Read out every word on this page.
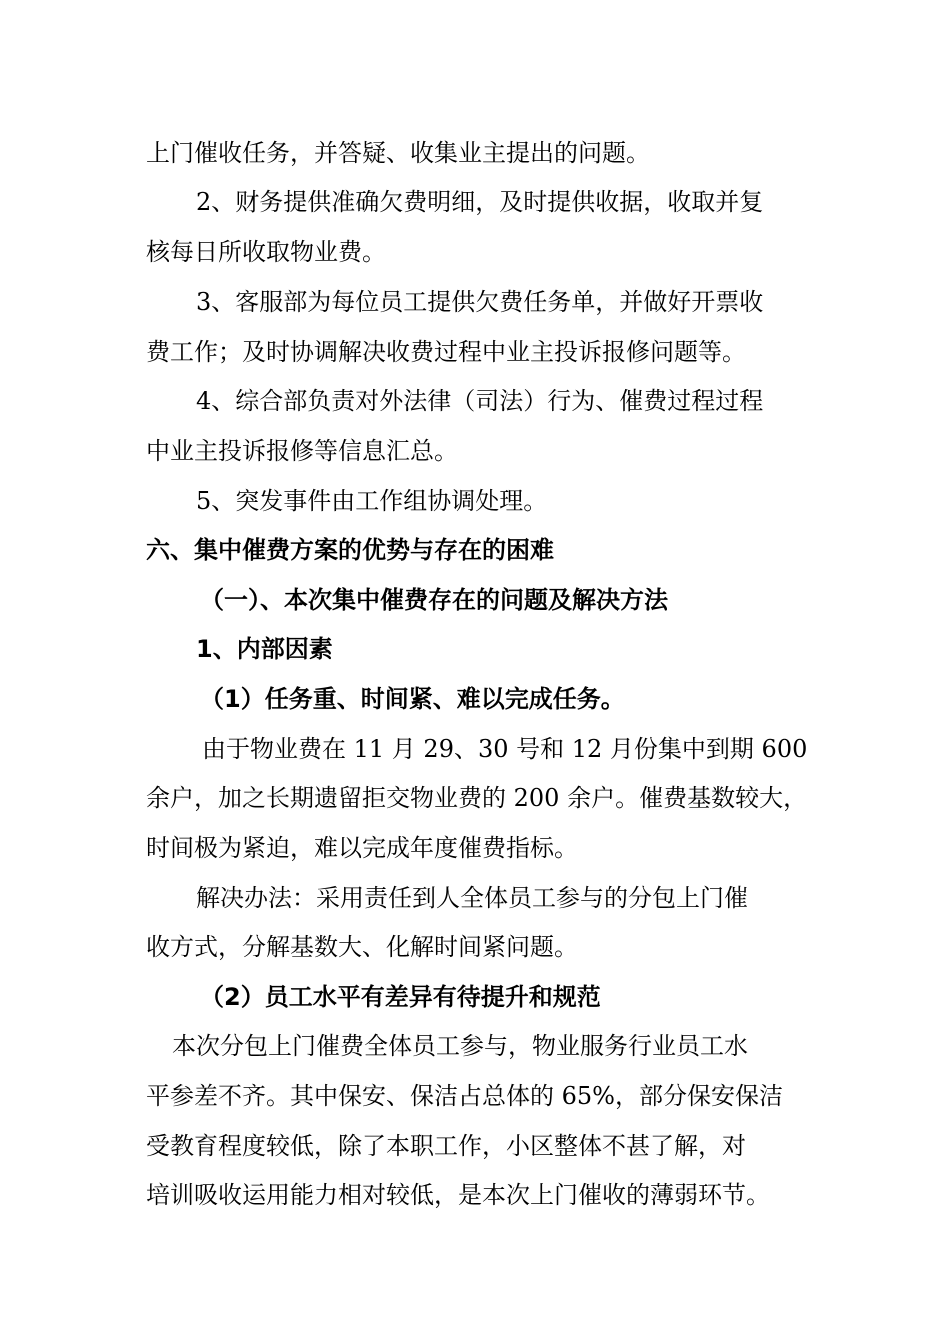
上门催收任务，并答疑、收集业主提出的问题。
2、财务提供准确欠费明细，及时提供收据，收取并复
核每日所收取物业费。
3、客服部为每位员工提供欠费任务单，并做好开票收
费工作；及时协调解决收费过程中业主投诉报修问题等。
4、综合部负责对外法律（司法）行为、催费过程过程
中业主投诉报修等信息汇总。
5、突发事件由工作组协调处理。
六、集中催费方案的优势与存在的困难
（一）、本次集中催费存在的问题及解决方法
1、内部因素
（1）任务重、时间紧、难以完成任务。
由于物业费在 11 月 29、30 号和 12 月份集中到期 600
余户，加之长期遗留拒交物业费的 200 余户。催费基数较大，
时间极为紧迫，难以完成年度催费指标。
解决办法：采用责任到人全体员工参与的分包上门催
收方式，分解基数大、化解时间紧问题。
（2）员工水平有差异有待提升和规范
本次分包上门催费全体员工参与，物业服务行业员工水
平参差不齐。其中保安、保洁占总体的 65%，部分保安保洁
受教育程度较低，除了本职工作，小区整体不甚了解，对
培训吸收运用能力相对较低，是本次上门催收的薄弱环节。
